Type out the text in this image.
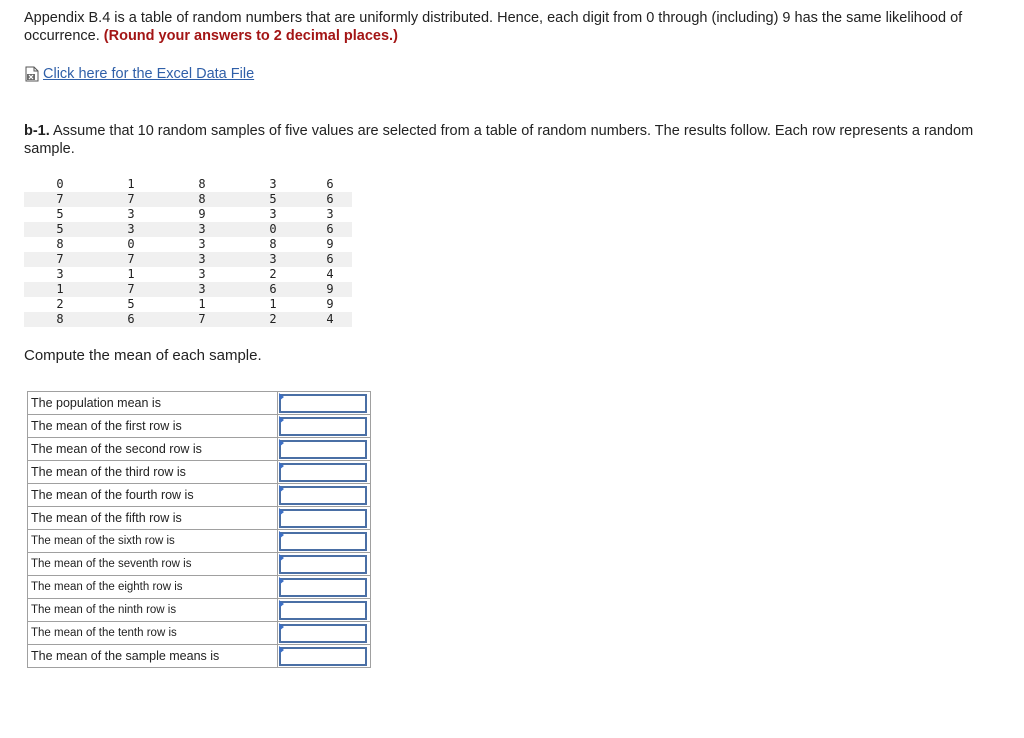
Appendix B.4 is a table of random numbers that are uniformly distributed. Hence, each digit from 0 through (including) 9 has the same likelihood of occurrence. (Round your answers to 2 decimal places.)
Click here for the Excel Data File
b-1. Assume that 10 random samples of five values are selected from a table of random numbers. The results follow. Each row represents a random sample.
0	1	8	3	6
7	7	8	5	6
5	3	9	3	3
5	3	3	0	6
8	0	3	8	9
7	7	3	3	6
3	1	3	2	4
1	7	3	6	9
2	5	1	1	9
8	6	7	2	4
Compute the mean of each sample.
The population mean is	

The mean of the first row is	

The mean of the second row is	

The mean of the third row is	

The mean of the fourth row is	

The mean of the fifth row is	

The mean of the sixth row is	

The mean of the seventh row is	

The mean of the eighth row is	

The mean of the ninth row is	

The mean of the tenth row is	

The mean of the sample means is	
